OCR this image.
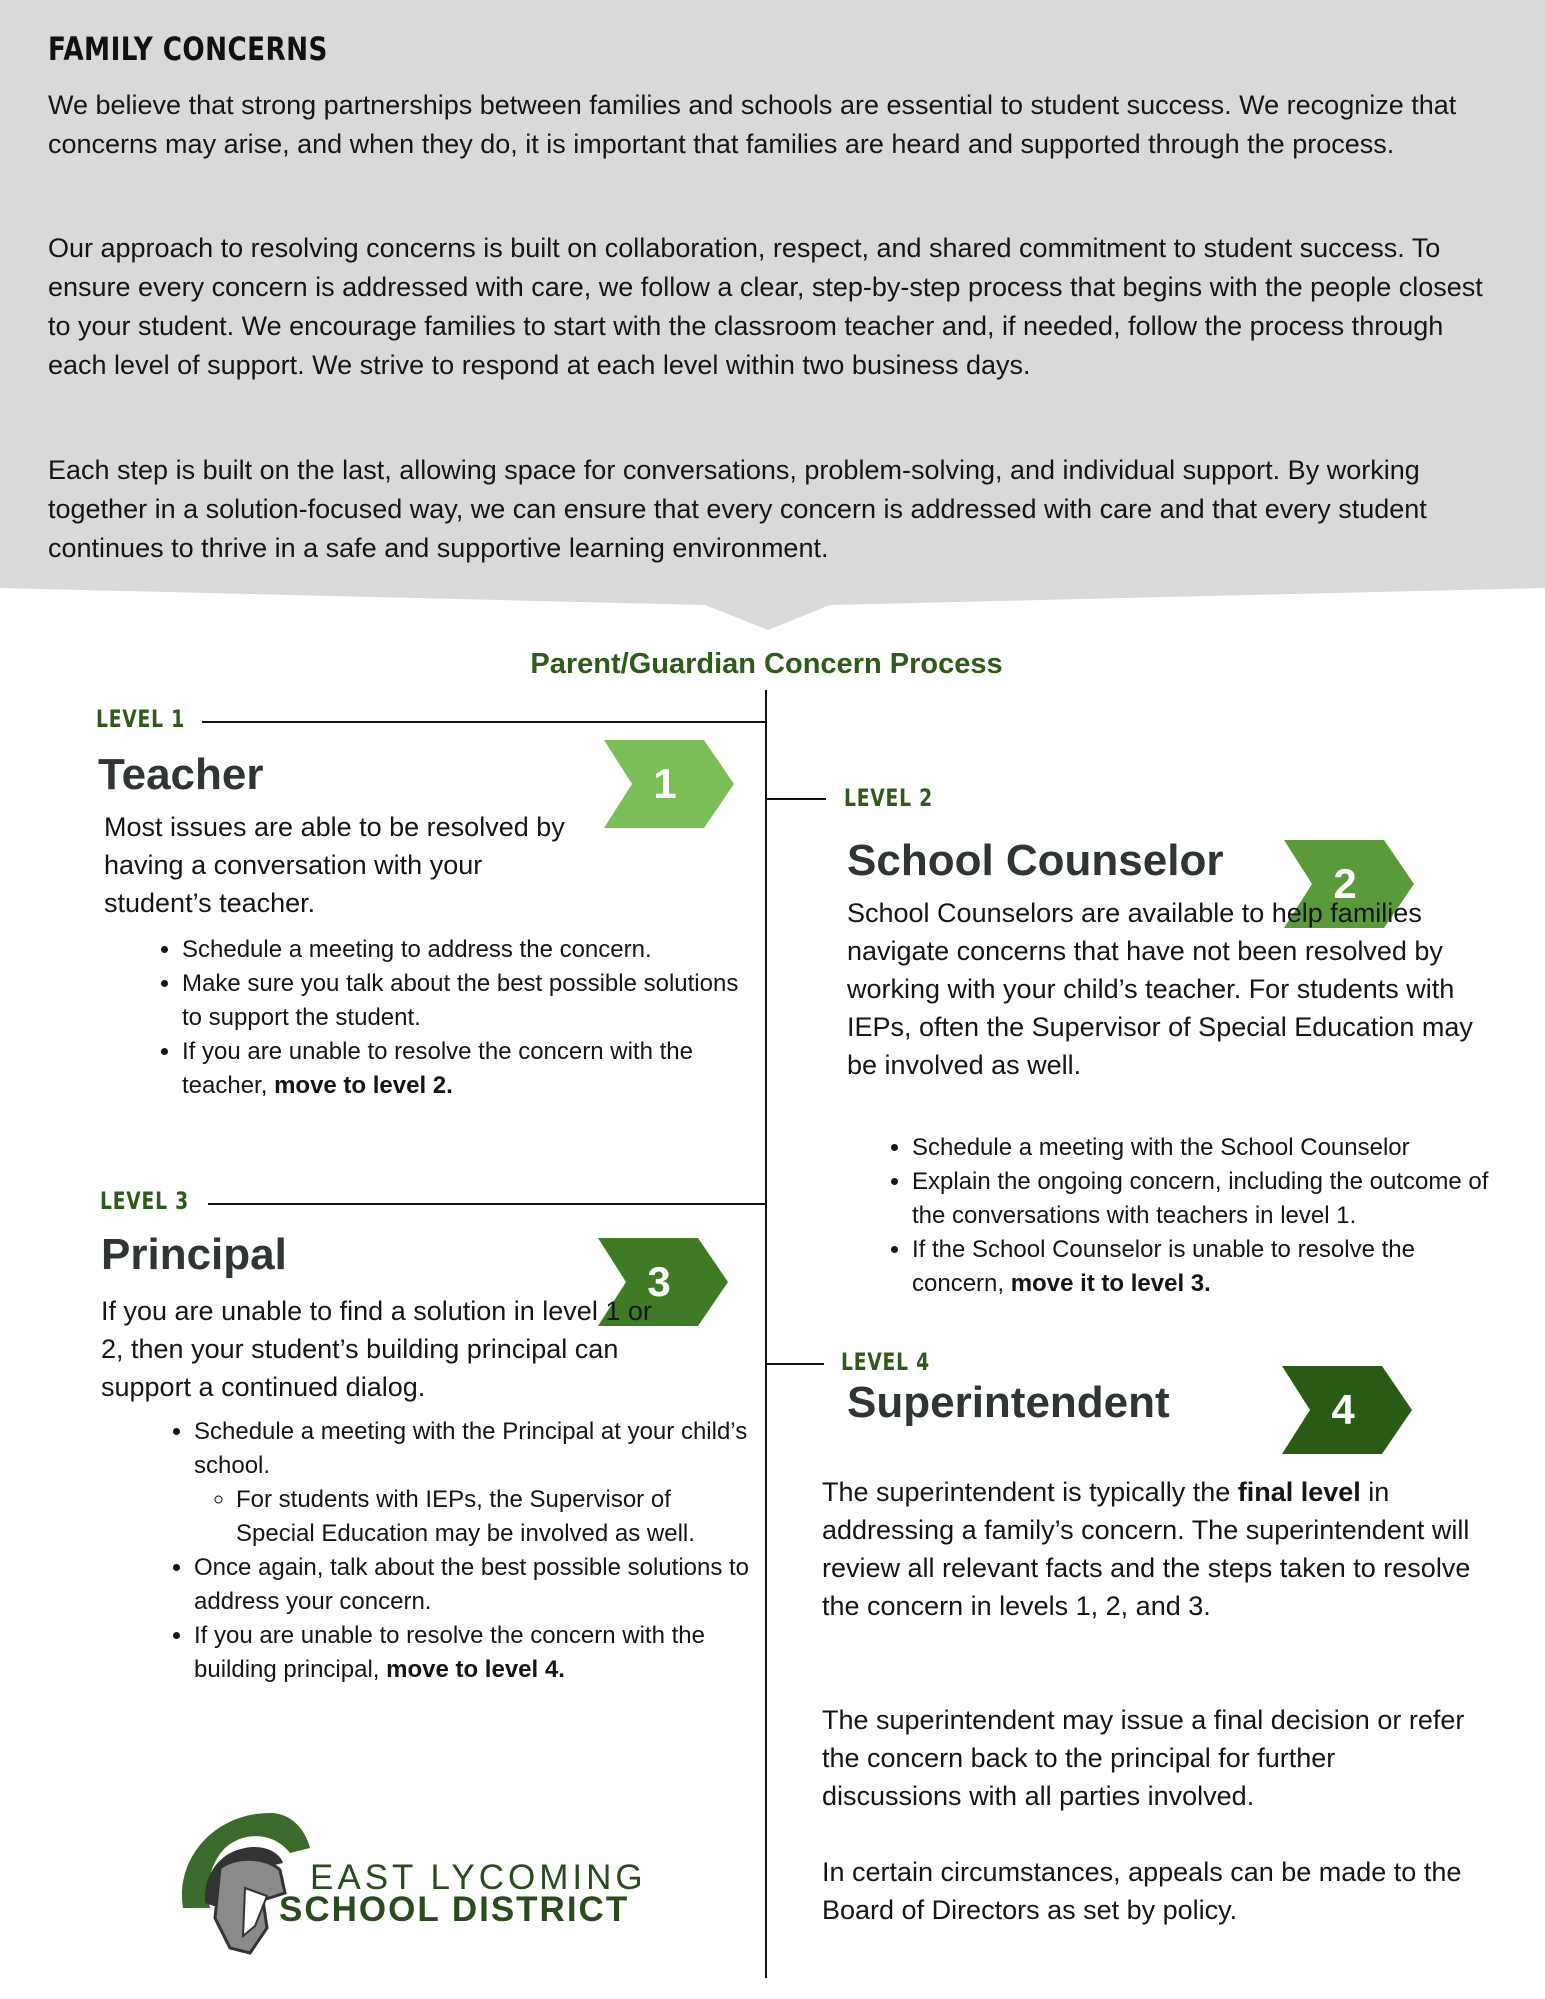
FAMILY CONCERNS

We believe that strong partnerships between families and schools are essential to student success. We recognize that concerns may arise, and when they do, it is important that families are heard and supported through the process.

Our approach to resolving concerns is built on collaboration, respect, and shared commitment to student success. To ensure every concern is addressed with care, we follow a clear, step-by-step process that begins with the people closest to your student. We encourage families to start with the classroom teacher and, if needed, follow the process through each level of support. We strive to respond at each level within two business days.

Each step is built on the last, allowing space for conversations, problem-solving, and individual support. By working together in a solution-focused way, we can ensure that every concern is addressed with care and that every student continues to thrive in a safe and supportive learning environment.

Parent/Guardian Concern Process

LEVEL 1

Teacher	1

Most issues are able to be resolved by having a conversation with your student’s teacher.

• Schedule a meeting to address the concern.
• Make sure you talk about the best possible solutions to support the student.
• If you are unable to resolve the concern with the teacher, move to level 2.

LEVEL 2

School Counselor	2

School Counselors are available to help families navigate concerns that have not been resolved by working with your child’s teacher. For students with IEPs, often the Supervisor of Special Education may be involved as well.

• Schedule a meeting with the School Counselor
• Explain the ongoing concern, including the outcome of the conversations with teachers in level 1.
• If the School Counselor is unable to resolve the concern, move it to level 3.

LEVEL 3

Principal
3

If you are unable to find a solution in level 1 or 2, then your student’s building principal can support a continued dialog.

• Schedule a meeting with the Principal at your child’s school.
◦ For students with IEPs, the Supervisor of Special Education may be involved as well.
• Once again, talk about the best possible solutions to address your concern.
• If you are unable to resolve the concern with the building principal, move to level 4.

LEVEL 4

Superintendent	4

The superintendent is typically the final level in addressing a family’s concern. The superintendent will review all relevant facts and the steps taken to resolve the concern in levels 1, 2, and 3.

The superintendent may issue a final decision or refer the concern back to the principal for further discussions with all parties involved.

In certain circumstances, appeals can be made to the Board of Directors as set by policy.

EAST LYCOMING
SCHOOL DISTRICT
